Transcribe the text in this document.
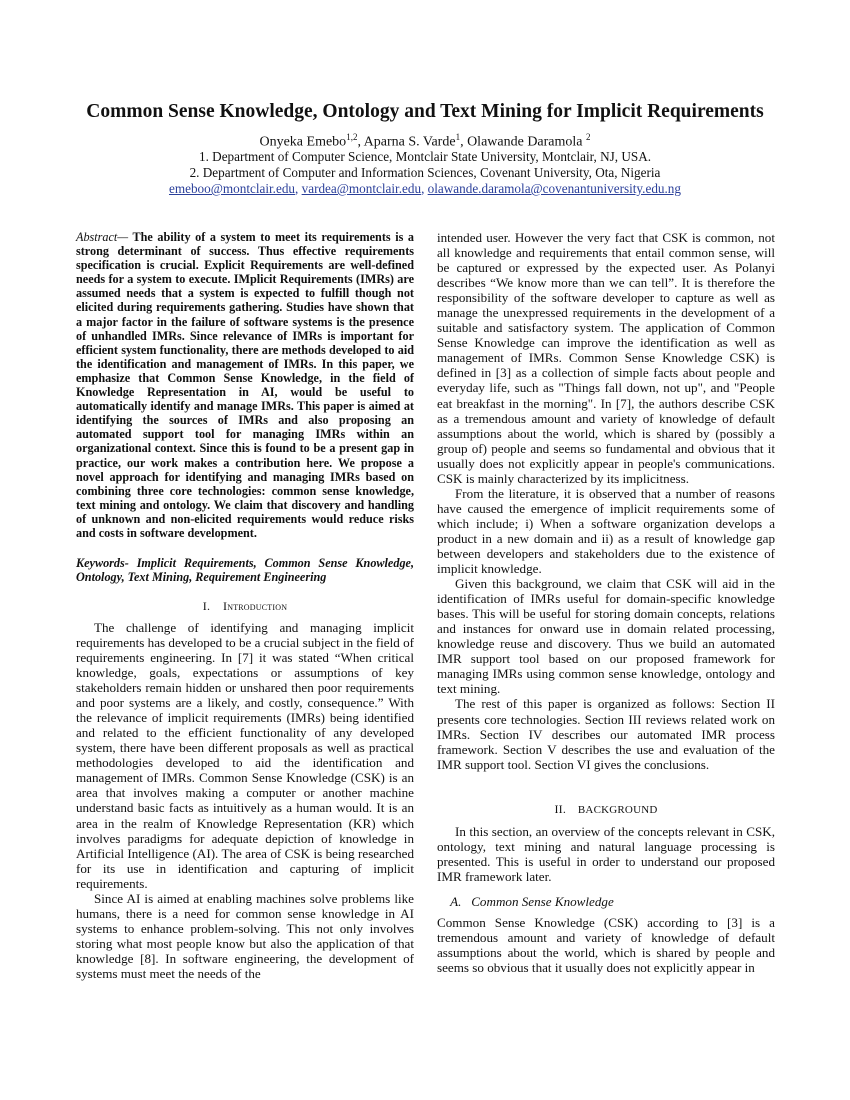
Common Sense Knowledge, Ontology and Text Mining for Implicit Requirements
Onyeka Emebo$^{1,2}$, Aparna S. Varde$^1$, Olawande Daramola $^2$
1. Department of Computer Science, Montclair State University, Montclair, NJ, USA.
2. Department of Computer and Information Sciences, Covenant University, Ota, Nigeria
emeboo@montclair.edu, vardea@montclair.edu, olawande.daramola@covenantuniversity.edu.ng

Abstract— The ability of a system to meet its requirements is a strong determinant of success. Thus effective requirements specification is crucial. Explicit Requirements are well-defined needs for a system to execute. IMplicit Requirements (IMRs) are assumed needs that a system is expected to fulfill though not elicited during requirements gathering. Studies have shown that a major factor in the failure of software systems is the presence of unhandled IMRs. Since relevance of IMRs is important for efficient system functionality, there are methods developed to aid the identification and management of IMRs. In this paper, we emphasize that Common Sense Knowledge, in the field of Knowledge Representation in AI, would be useful to automatically identify and manage IMRs. This paper is aimed at identifying the sources of IMRs and also proposing an automated support tool for managing IMRs within an organizational context. Since this is found to be a present gap in practice, our work makes a contribution here. We propose a novel approach for identifying and managing IMRs based on combining three core technologies: common sense knowledge, text mining and ontology. We claim that discovery and handling of unknown and non-elicited requirements would reduce risks and costs in software development.

Keywords- Implicit Requirements, Common Sense Knowledge, Ontology, Text Mining, Requirement Engineering

I. Introduction

The challenge of identifying and managing implicit requirements has developed to be a crucial subject in the field of requirements engineering. In [7] it was stated “When critical knowledge, goals, expectations or assumptions of key stakeholders remain hidden or unshared then poor requirements and poor systems are a likely, and costly, consequence.” With the relevance of implicit requirements (IMRs) being identified and related to the efficient functionality of any developed system, there have been different proposals as well as practical methodologies developed to aid the identification and management of IMRs. Common Sense Knowledge (CSK) is an area that involves making a computer or another machine understand basic facts as intuitively as a human would. It is an area in the realm of Knowledge Representation (KR) which involves paradigms for adequate depiction of knowledge in Artificial Intelligence (AI). The area of CSK is being researched for its use in identification and capturing of implicit requirements.

Since AI is aimed at enabling machines solve problems like humans, there is a need for common sense knowledge in AI systems to enhance problem-solving. This not only involves storing what most people know but also the application of that knowledge [8]. In software engineering, the development of systems must meet the needs of the

intended user. However the very fact that CSK is common, not all knowledge and requirements that entail common sense, will be captured or expressed by the expected user. As Polanyi describes “We know more than we can tell”. It is therefore the responsibility of the software developer to capture as well as manage the unexpressed requirements in the development of a suitable and satisfactory system. The application of Common Sense Knowledge can improve the identification as well as management of IMRs. Common Sense Knowledge CSK) is defined in [3] as a collection of simple facts about people and everyday life, such as "Things fall down, not up", and "People eat breakfast in the morning". In [7], the authors describe CSK as a tremendous amount and variety of knowledge of default assumptions about the world, which is shared by (possibly a group of) people and seems so fundamental and obvious that it usually does not explicitly appear in people's communications. CSK is mainly characterized by its implicitness.

From the literature, it is observed that a number of reasons have caused the emergence of implicit requirements some of which include; i) When a software organization develops a product in a new domain and ii) as a result of knowledge gap between developers and stakeholders due to the existence of implicit knowledge.

Given this background, we claim that CSK will aid in the identification of IMRs useful for domain-specific knowledge bases. This will be useful for storing domain concepts, relations and instances for onward use in domain related processing, knowledge reuse and discovery. Thus we build an automated IMR support tool based on our proposed framework for managing IMRs using common sense knowledge, ontology and text mining.

The rest of this paper is organized as follows: Section II presents core technologies. Section III reviews related work on IMRs. Section IV describes our automated IMR process framework. Section V describes the use and evaluation of the IMR support tool. Section VI gives the conclusions.

II. BACKGROUND

In this section, an overview of the concepts relevant in CSK, ontology, text mining and natural language processing is presented. This is useful in order to understand our proposed IMR framework later.

A. Common Sense Knowledge

Common Sense Knowledge (CSK) according to [3] is a tremendous amount and variety of knowledge of default assumptions about the world, which is shared by people and seems so obvious that it usually does not explicitly appear in
